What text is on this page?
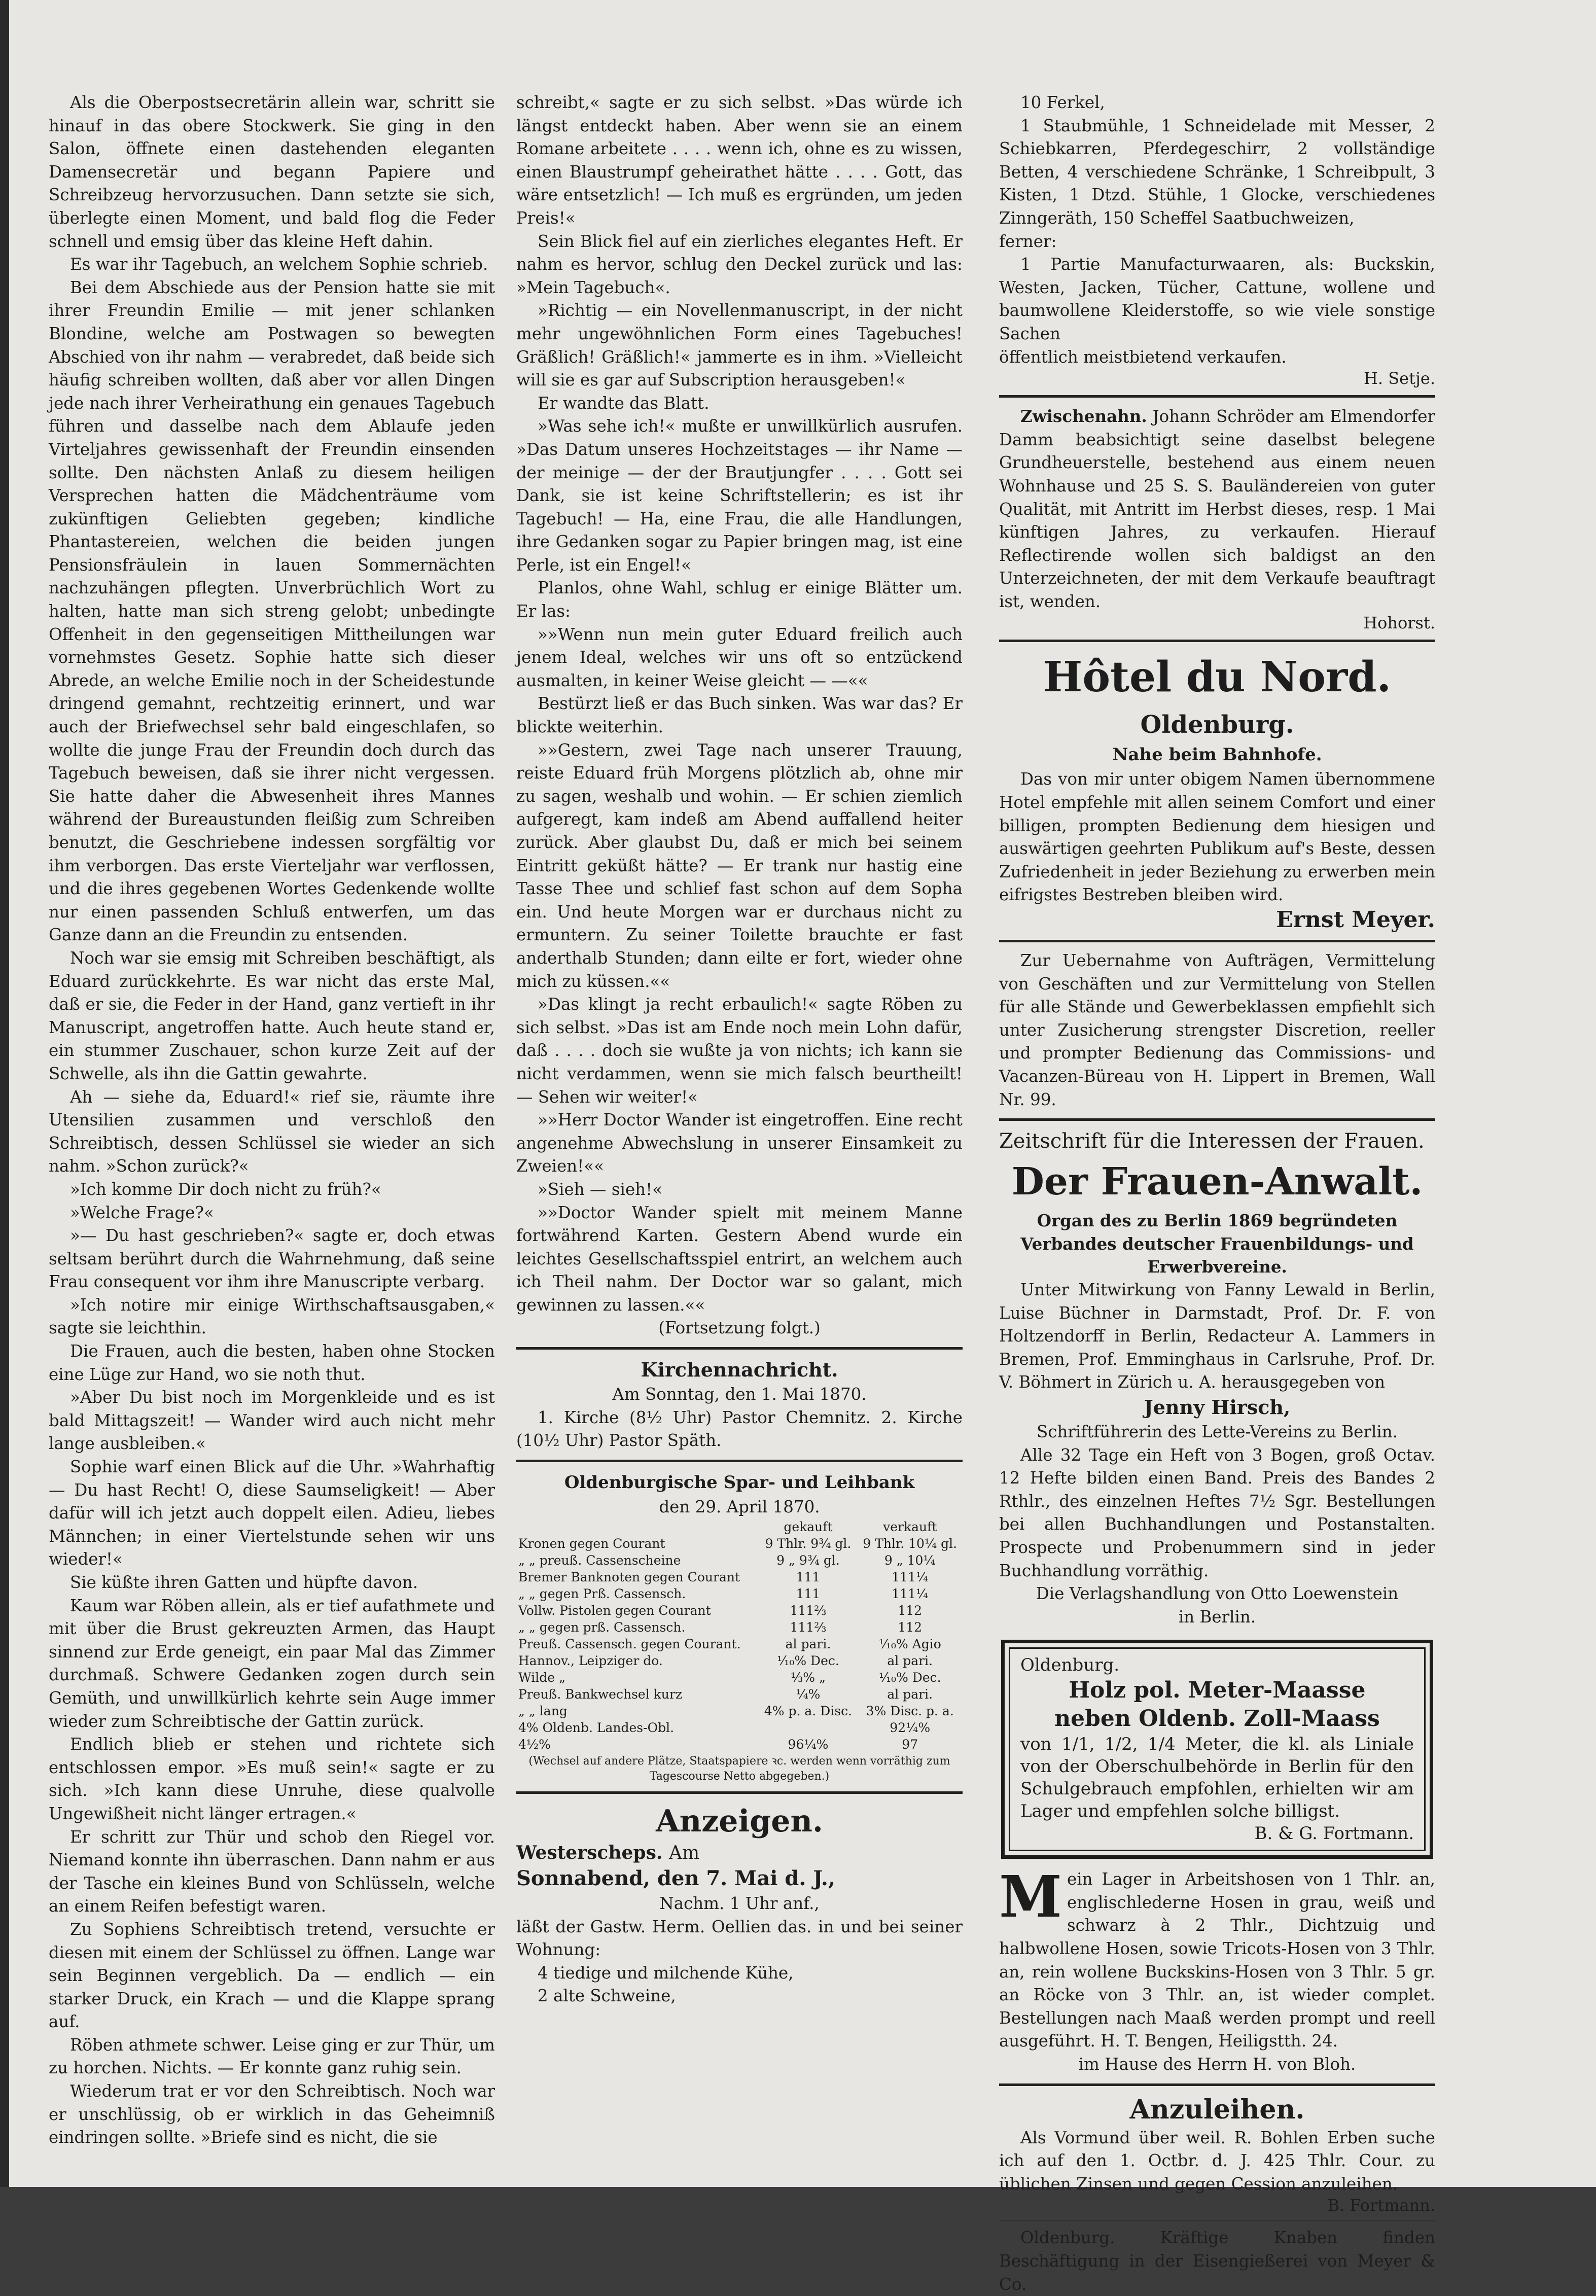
Als die Oberpostsecretärin allein war, schritt sie hinauf in das obere Stockwerk. Sie ging in den Salon, öffnete einen dastehenden eleganten Damensecretär und begann Papiere und Schreibzeug hervorzusuchen. Dann setzte sie sich, überlegte einen Moment, und bald flog die Feder schnell und emsig über das kleine Heft dahin.

Es war ihr Tagebuch, an welchem Sophie schrieb.

Bei dem Abschiede aus der Pension hatte sie mit ihrer Freundin Emilie — mit jener schlanken Blondine, welche am Postwagen so bewegten Abschied von ihr nahm — verabredet, daß beide sich häufig schreiben wollten, daß aber vor allen Dingen jede nach ihrer Verheirathung ein genaues Tagebuch führen und dasselbe nach dem Ablaufe jeden Virteljahres gewissenhaft der Freundin einsenden sollte. Den nächsten Anlaß zu diesem heiligen Versprechen hatten die Mädchenträume vom zukünftigen Geliebten gegeben; kindliche Phantastereien, welchen die beiden jungen Pensionsfräulein in lauen Sommernächten nachzuhängen pflegten. Unverbrüchlich Wort zu halten, hatte man sich streng gelobt; unbedingte Offenheit in den gegenseitigen Mittheilungen war vornehmstes Gesetz. Sophie hatte sich dieser Abrede, an welche Emilie noch in der Scheidestunde dringend gemahnt, rechtzeitig erinnert, und war auch der Briefwechsel sehr bald eingeschlafen, so wollte die junge Frau der Freundin doch durch das Tagebuch beweisen, daß sie ihrer nicht vergessen. Sie hatte daher die Abwesenheit ihres Mannes während der Bureaustunden fleißig zum Schreiben benutzt, die Geschriebene indessen sorgfältig vor ihm verborgen. Das erste Vierteljahr war verflossen, und die ihres gegebenen Wortes Gedenkende wollte nur einen passenden Schluß entwerfen, um das Ganze dann an die Freundin zu entsenden.

Noch war sie emsig mit Schreiben beschäftigt, als Eduard zurückkehrte. Es war nicht das erste Mal, daß er sie, die Feder in der Hand, ganz vertieft in ihr Manuscript, angetroffen hatte. Auch heute stand er, ein stummer Zuschauer, schon kurze Zeit auf der Schwelle, als ihn die Gattin gewahrte.

Ah — siehe da, Eduard!« rief sie, räumte ihre Utensilien zusammen und verschloß den Schreibtisch, dessen Schlüssel sie wieder an sich nahm. »Schon zurück?«

»Ich komme Dir doch nicht zu früh?«

»Welche Frage?«

»— Du hast geschrieben?« sagte er, doch etwas seltsam berührt durch die Wahrnehmung, daß seine Frau consequent vor ihm ihre Manuscripte verbarg.

»Ich notire mir einige Wirthschaftsausgaben,« sagte sie leichthin.

Die Frauen, auch die besten, haben ohne Stocken eine Lüge zur Hand, wo sie noth thut.

»Aber Du bist noch im Morgenkleide und es ist bald Mittagszeit! — Wander wird auch nicht mehr lange ausbleiben.«

Sophie warf einen Blick auf die Uhr. »Wahrhaftig — Du hast Recht! O, diese Saumseligkeit! — Aber dafür will ich jetzt auch doppelt eilen. Adieu, liebes Männchen; in einer Viertelstunde sehen wir uns wieder!«

Sie küßte ihren Gatten und hüpfte davon.

Kaum war Röben allein, als er tief aufathmete und mit über die Brust gekreuzten Armen, das Haupt sinnend zur Erde geneigt, ein paar Mal das Zimmer durchmaß. Schwere Gedanken zogen durch sein Gemüth, und unwillkürlich kehrte sein Auge immer wieder zum Schreibtische der Gattin zurück.

Endlich blieb er stehen und richtete sich entschlossen empor. »Es muß sein!« sagte er zu sich. »Ich kann diese Unruhe, diese qualvolle Ungewißheit nicht länger ertragen.«

Er schritt zur Thür und schob den Riegel vor. Niemand konnte ihn überraschen. Dann nahm er aus der Tasche ein kleines Bund von Schlüsseln, welche an einem Reifen befestigt waren.

Zu Sophiens Schreibtisch tretend, versuchte er diesen mit einem der Schlüssel zu öffnen. Lange war sein Beginnen vergeblich. Da — endlich — ein starker Druck, ein Krach — und die Klappe sprang auf.

Röben athmete schwer. Leise ging er zur Thür, um zu horchen. Nichts. — Er konnte ganz ruhig sein.

Wiederum trat er vor den Schreibtisch. Noch war er unschlüssig, ob er wirklich in das Geheimniß eindringen sollte. »Briefe sind es nicht, die sie

schreibt,« sagte er zu sich selbst. »Das würde ich längst entdeckt haben. Aber wenn sie an einem Romane arbeitete . . . . wenn ich, ohne es zu wissen, einen Blaustrumpf geheirathet hätte . . . . Gott, das wäre entsetzlich! — Ich muß es ergründen, um jeden Preis!«

Sein Blick fiel auf ein zierliches elegantes Heft. Er nahm es hervor, schlug den Deckel zurück und las: »Mein Tagebuch«.

»Richtig — ein Novellenmanuscript, in der nicht mehr ungewöhnlichen Form eines Tagebuches! Gräßlich! Gräßlich!« jammerte es in ihm. »Vielleicht will sie es gar auf Subscription herausgeben!«

Er wandte das Blatt.

»Was sehe ich!« mußte er unwillkürlich ausrufen. »Das Datum unseres Hochzeitstages — ihr Name — der meinige — der der Brautjungfer . . . . Gott sei Dank, sie ist keine Schriftstellerin; es ist ihr Tagebuch! — Ha, eine Frau, die alle Handlungen, ihre Gedanken sogar zu Papier bringen mag, ist eine Perle, ist ein Engel!«

Planlos, ohne Wahl, schlug er einige Blätter um. Er las:

»»Wenn nun mein guter Eduard freilich auch jenem Ideal, welches wir uns oft so entzückend ausmalten, in keiner Weise gleicht — —««

Bestürzt ließ er das Buch sinken. Was war das? Er blickte weiterhin.

»»Gestern, zwei Tage nach unserer Trauung, reiste Eduard früh Morgens plötzlich ab, ohne mir zu sagen, weshalb und wohin. — Er schien ziemlich aufgeregt, kam indeß am Abend auffallend heiter zurück. Aber glaubst Du, daß er mich bei seinem Eintritt geküßt hätte? — Er trank nur hastig eine Tasse Thee und schlief fast schon auf dem Sopha ein. Und heute Morgen war er durchaus nicht zu ermuntern. Zu seiner Toilette brauchte er fast anderthalb Stunden; dann eilte er fort, wieder ohne mich zu küssen.««

»Das klingt ja recht erbaulich!« sagte Röben zu sich selbst. »Das ist am Ende noch mein Lohn dafür, daß . . . . doch sie wußte ja von nichts; ich kann sie nicht verdammen, wenn sie mich falsch beurtheilt! — Sehen wir weiter!«

»»Herr Doctor Wander ist eingetroffen. Eine recht angenehme Abwechslung in unserer Einsamkeit zu Zweien!««

»Sieh — sieh!«

»»Doctor Wander spielt mit meinem Manne fortwährend Karten. Gestern Abend wurde ein leichtes Gesellschaftsspiel entrirt, an welchem auch ich Theil nahm. Der Doctor war so galant, mich gewinnen zu lassen.««

(Fortsetzung folgt.)

Kirchennachricht.

Am Sonntag, den 1. Mai 1870.

1. Kirche (8½ Uhr) Pastor Chemnitz. 2. Kirche (10½ Uhr) Pastor Späth.

Oldenburgische Spar- und Leihbank

den 29. April 1870.

	gekauft	verkauft
Kronen gegen Courant	9 Thlr. 9¾ gl.	9 Thlr. 10¼ gl.
„ „ preuß. Cassenscheine	9 „ 9¾ gl.	9 „ 10¼
Bremer Banknoten gegen Courant	111	111¼
„ „ gegen Prß. Cassensch.	111	111¼
Vollw. Pistolen gegen Courant	111⅔	112
„ „ gegen prß. Cassensch.	111⅔	112
Preuß. Cassensch. gegen Courant.	al pari.	¹⁄₁₀% Agio
Hannov., Leipziger do.	¹⁄₁₀% Dec.	al pari.
Wilde „	⅓% „	¹⁄₁₀% Dec.
Preuß. Bankwechsel kurz	¼%	al pari.
„ „ lang	4% p. a. Disc.	3% Disc. p. a.
4% Oldenb. Landes-Obl.		92¼%
4½%	96¼%	97

(Wechsel auf andere Plätze, Staatspapiere ꝛc. werden wenn vorräthig zum Tagescourse Netto abgegeben.)

Anzeigen.

Westerscheps. Am

Sonnabend, den 7. Mai d. J.,

Nachm. 1 Uhr anf.,

läßt der Gastw. Herm. Oellien das. in und bei seiner Wohnung:

4 tiedige und milchende Kühe,

2 alte Schweine,

10 Ferkel,

1 Staubmühle, 1 Schneidelade mit Messer, 2 Schiebkarren, Pferdegeschirr, 2 vollständige Betten, 4 verschiedene Schränke, 1 Schreibpult, 3 Kisten, 1 Dtzd. Stühle, 1 Glocke, verschiedenes Zinngeräth, 150 Scheffel Saatbuchweizen,

ferner:

1 Partie Manufacturwaaren, als: Buckskin, Westen, Jacken, Tücher, Cattune, wollene und baumwollene Kleiderstoffe, so wie viele sonstige Sachen

öffentlich meistbietend verkaufen.

H. Setje.

Zwischenahn. Johann Schröder am Elmendorfer Damm beabsichtigt seine daselbst belegene Grundheuerstelle, bestehend aus einem neuen Wohnhause und 25 S. S. Bauländereien von guter Qualität, mit Antritt im Herbst dieses, resp. 1 Mai künftigen Jahres, zu verkaufen. Hierauf Reflectirende wollen sich baldigst an den Unterzeichneten, der mit dem Verkaufe beauftragt ist, wenden.

Hohorst.

Hôtel du Nord.
Oldenburg.
Nahe beim Bahnhofe.

Das von mir unter obigem Namen übernommene Hotel empfehle mit allen seinem Comfort und einer billigen, prompten Bedienung dem hiesigen und auswärtigen geehrten Publikum auf's Beste, dessen Zufriedenheit in jeder Beziehung zu erwerben mein eifrigstes Bestreben bleiben wird.

Ernst Meyer.

Zur Uebernahme von Aufträgen, Vermittelung von Geschäften und zur Vermittelung von Stellen für alle Stände und Gewerbeklassen empfiehlt sich unter Zusicherung strengster Discretion, reeller und prompter Bedienung das Commissions- und Vacanzen-Büreau von H. Lippert in Bremen, Wall Nr. 99.

Zeitschrift für die Interessen der Frauen.
Der Frauen-Anwalt.

Organ des zu Berlin 1869 begründeten Verbandes deutscher Frauenbildungs- und Erwerbvereine.

Unter Mitwirkung von Fanny Lewald in Berlin, Luise Büchner in Darmstadt, Prof. Dr. F. von Holtzendorff in Berlin, Redacteur A. Lammers in Bremen, Prof. Emminghaus in Carlsruhe, Prof. Dr. V. Böhmert in Zürich u. A. herausgegeben von

Jenny Hirsch,

Schriftführerin des Lette-Vereins zu Berlin.

Alle 32 Tage ein Heft von 3 Bogen, groß Octav. 12 Hefte bilden einen Band. Preis des Bandes 2 Rthlr., des einzelnen Heftes 7½ Sgr. Bestellungen bei allen Buchhandlungen und Postanstalten. Prospecte und Probenummern sind in jeder Buchhandlung vorräthig.

Die Verlagshandlung von Otto Loewenstein

in Berlin.

Oldenburg.
Holz pol. Meter-Maasse
neben Oldenb. Zoll-Maass
von 1/1, 1/2, 1/4 Meter, die kl. als Liniale von der Oberschulbehörde in Berlin für den Schulgebrauch empfohlen, erhielten wir am Lager und empfehlen solche billigst.
B. & G. Fortmann.
M ein Lager in Arbeitshosen von 1 Thlr. an, englischlederne Hosen in grau, weiß und schwarz à 2 Thlr., Dichtzuig und halbwollene Hosen, sowie Tricots-Hosen von 3 Thlr. an, rein wollene Buckskins-Hosen von 3 Thlr. 5 gr. an Röcke von 3 Thlr. an, ist wieder complet. Bestellungen nach Maaß werden prompt und reell ausgeführt. H. T. Bengen, Heiligstth. 24.

im Hause des Herrn H. von Bloh.

Anzuleihen.

Als Vormund über weil. R. Bohlen Erben suche ich auf den 1. Octbr. d. J. 425 Thlr. Cour. zu üblichen Zinsen und gegen Cession anzuleihen.

B. Fortmann.

Oldenburg. Kräftige Knaben finden Beschäftigung in der Eisengießerei von Meyer & Co.
